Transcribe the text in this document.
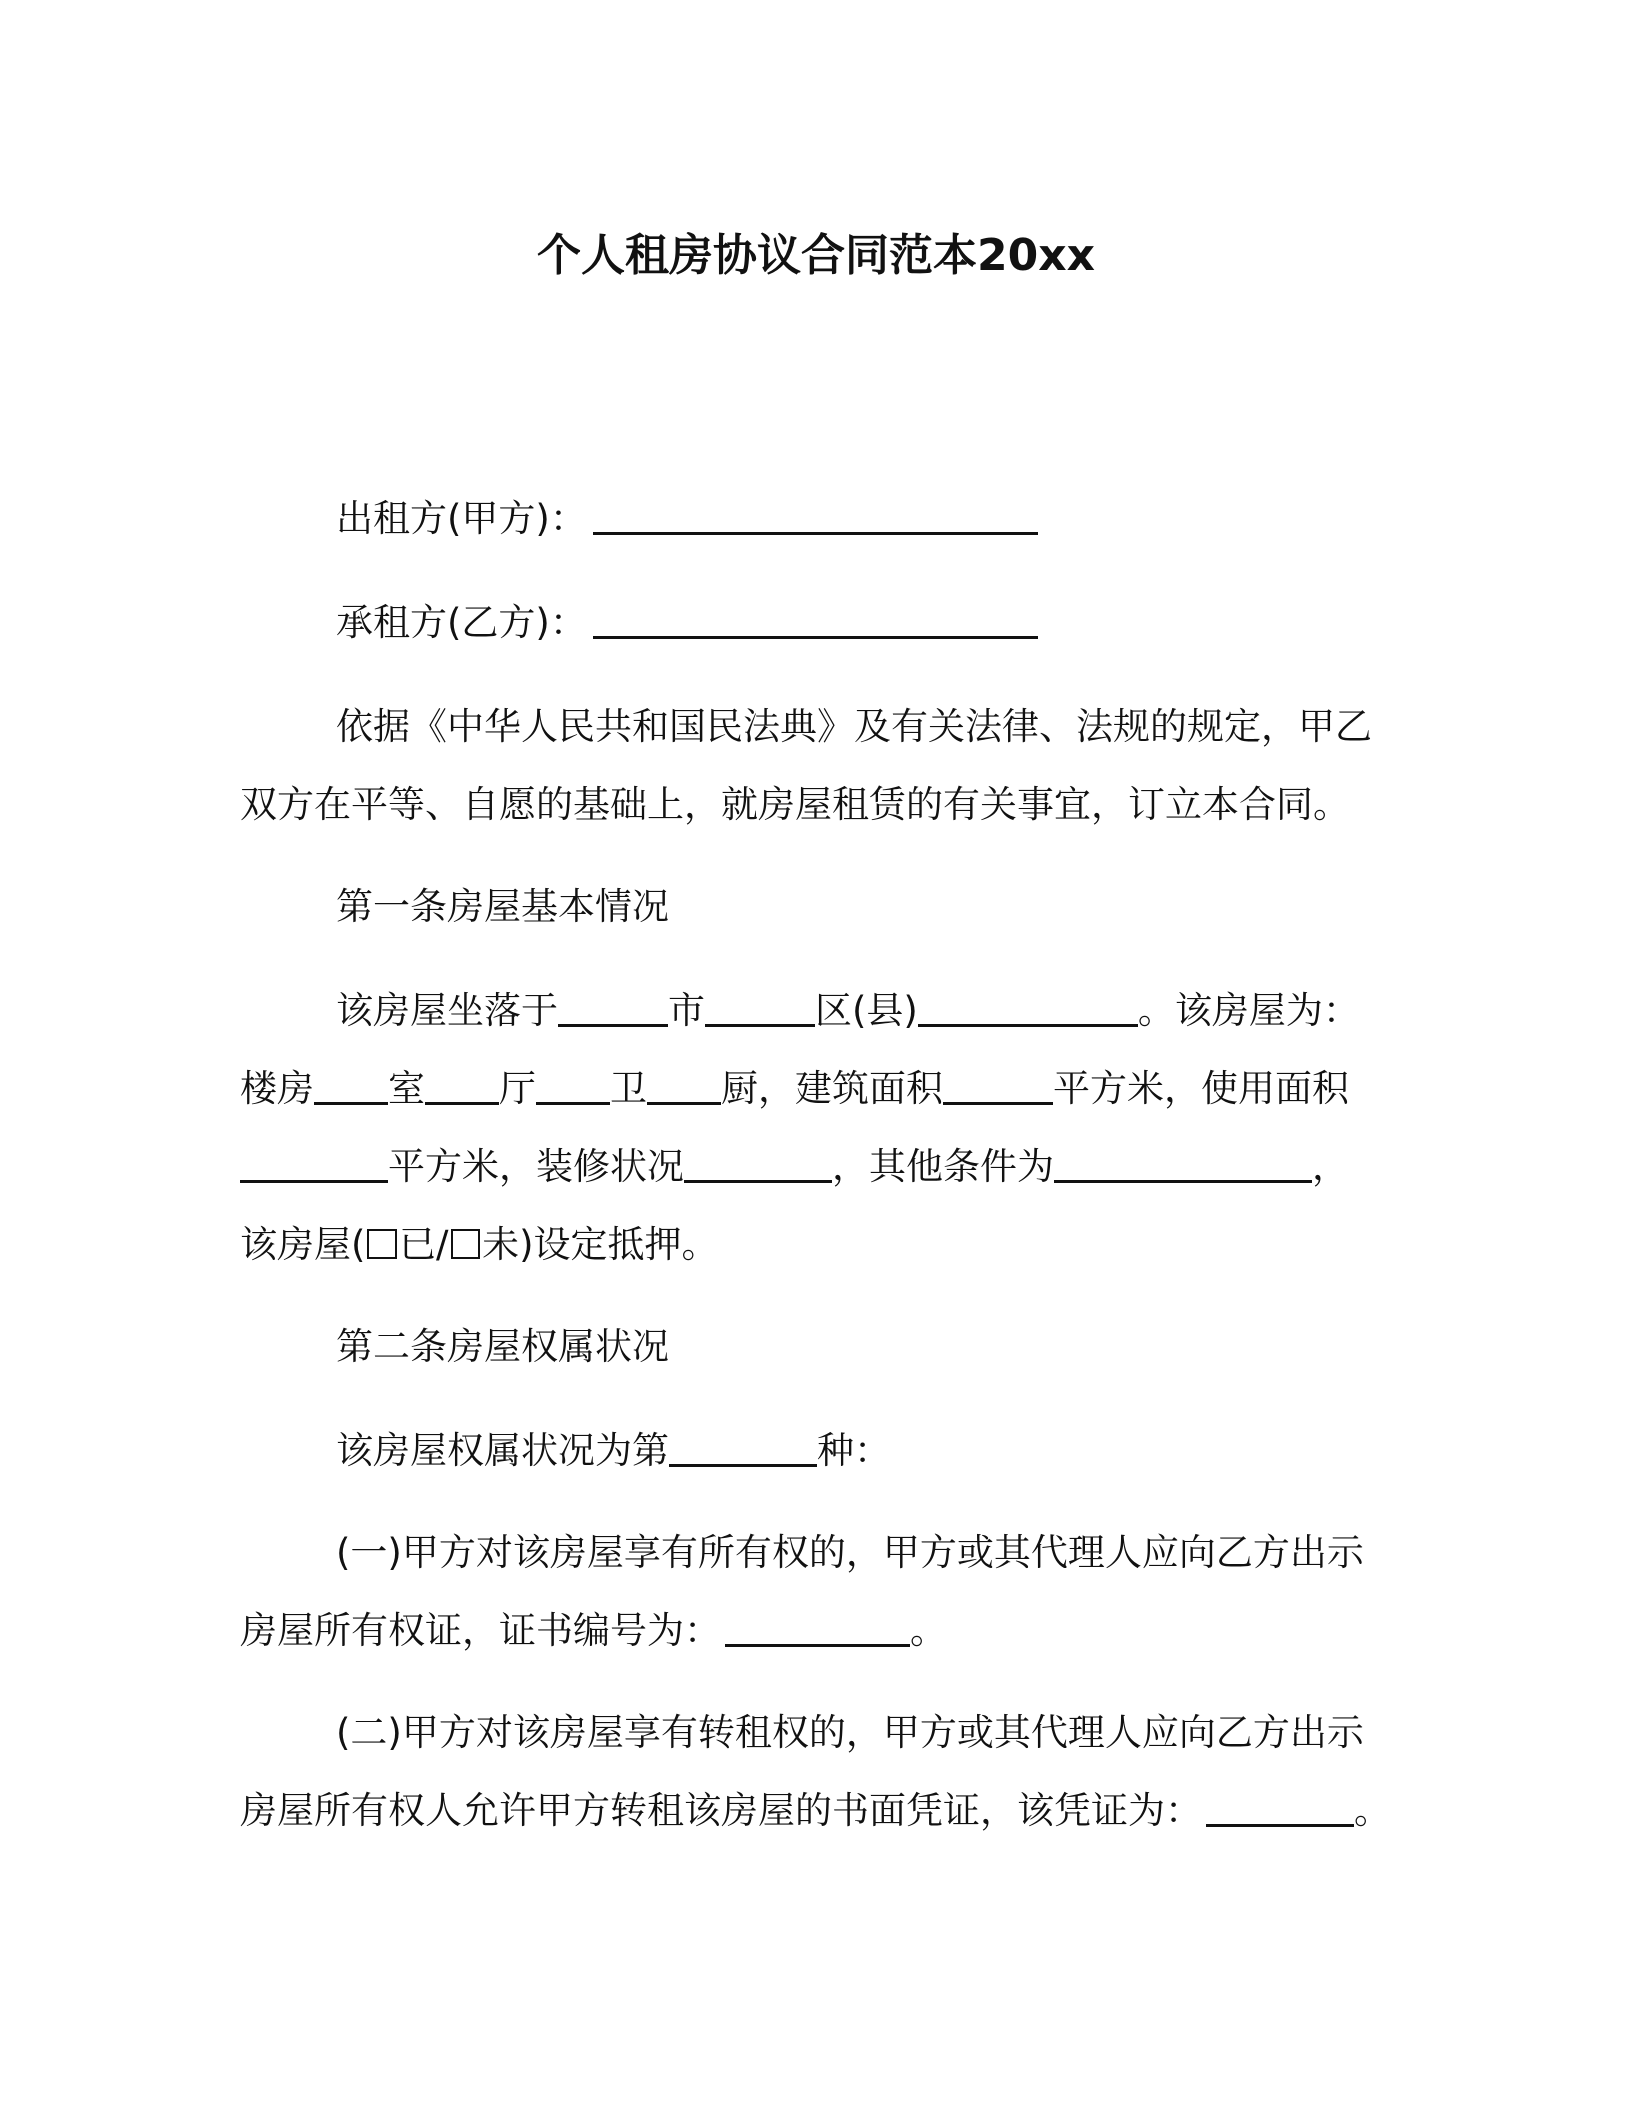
个人租房协议合同范本20xx
出租方(甲方)：
承租方(乙方)：
依据《中华人民共和国民法典》及有关法律、法规的规定，甲乙
双方在平等、自愿的基础上，就房屋租赁的有关事宜，订立本合同。
第一条房屋基本情况
该房屋坐落于	市	区(县)	。该房屋为：
楼房 室 厅 卫 厨，建筑面积	平方米，使用面积
平方米，装修状况	，其他条件为	，
该房屋( 已/ 未)设定抵押。
第二条房屋权属状况
该房屋权属状况为第	种：
(一)甲方对该房屋享有所有权的，甲方或其代理人应向乙方出示
房屋所有权证，证书编号为：	。
(二)甲方对该房屋享有转租权的，甲方或其代理人应向乙方出示
房屋所有权人允许甲方转租该房屋的书面凭证，该凭证为：	。
